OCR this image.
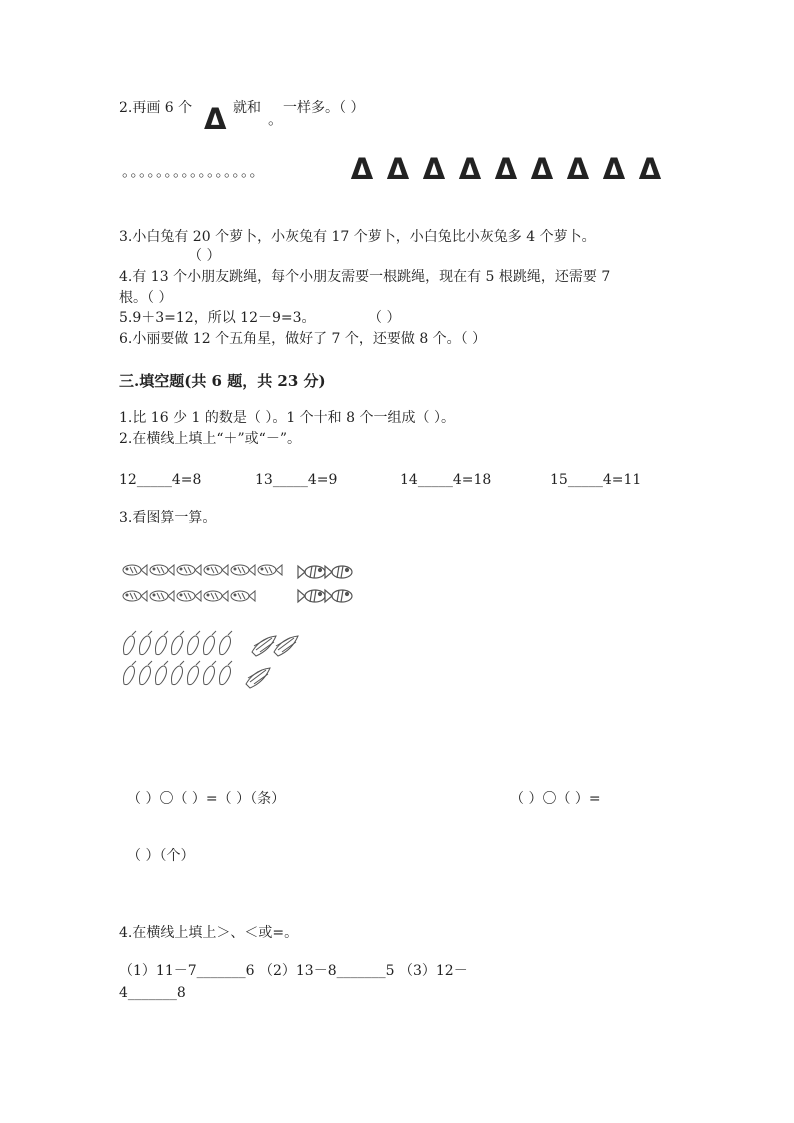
2.再画 6 个 Δ 就和 一样多。（ ）
。
。。。。。。。。。。。。。。。。	Δ Δ Δ Δ Δ Δ Δ Δ Δ
3.小白兔有 20 个萝卜，小灰兔有 17 个萝卜，小白兔比小灰兔多 4 个萝卜。
（ ）
4.有 13 个小朋友跳绳，每个小朋友需要一根跳绳，现在有 5 根跳绳，还需要 7
根。（ ）
5.9＋3=12，所以 12－9=3。	（ ）
6.小丽要做 12 个五角星，做好了 7 个，还要做 8 个。（ ）
三.填空题(共 6 题，共 23 分)
1.比 16 少 1 的数是（ ）。1 个十和 8 个一组成（ ）。
2.在横线上填上“＋”或“－”。
12_____4=8	13_____4=9	14_____4=18	15_____4=11
3.看图算一算。
（ ）〇（ ）=（ ）（条）	（ ）〇（ ）=
（ ）（个）
4.在横线上填上＞、＜或=。
（1）11－7_______6 （2）13－8_______5 （3）12－
4_______8
